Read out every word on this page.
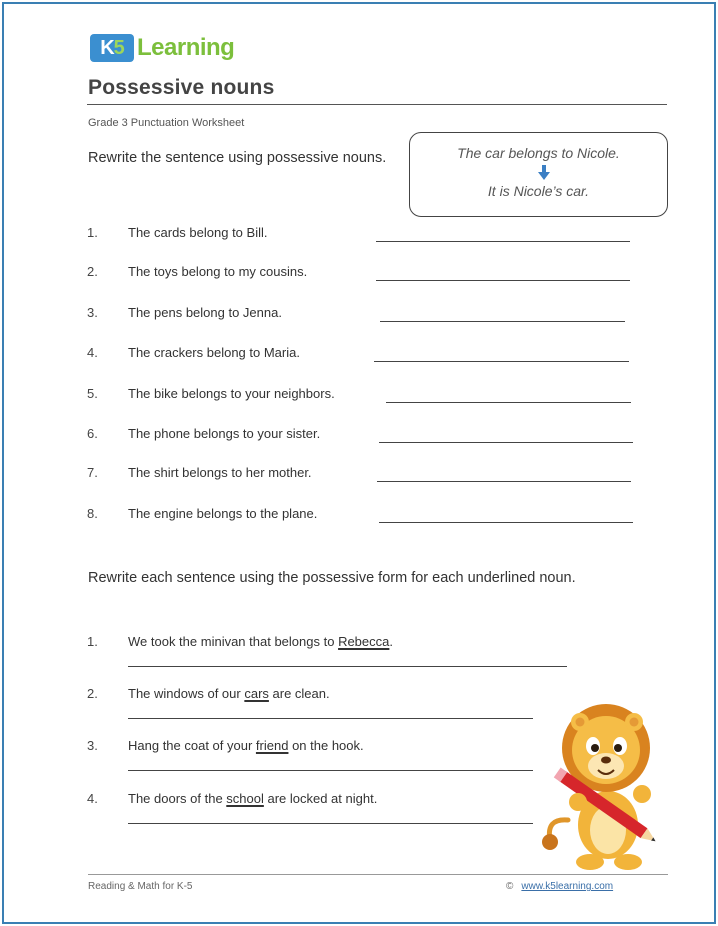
K 5 Learning
Possessive nouns
Grade 3 Punctuation Worksheet
Rewrite the sentence using possessive nouns.	The car belongs to Nicole.
It is Nicole’s car.
1. The cards belong to Bill.
2. The toys belong to my cousins.
3. The pens belong to Jenna.
4. The crackers belong to Maria.
5. The bike belongs to your neighbors.
6. The phone belongs to your sister.
7. The shirt belongs to her mother.
8. The engine belongs to the plane.
Rewrite each sentence using the possessive form for each underlined noun.
1. We took the minivan that belongs to Rebecca.
2. The windows of our cars are clean.
3. Hang the coat of your friend on the hook.
4. The doors of the school are locked at night.
Reading & Math for K-5	© www.k5learning.com
